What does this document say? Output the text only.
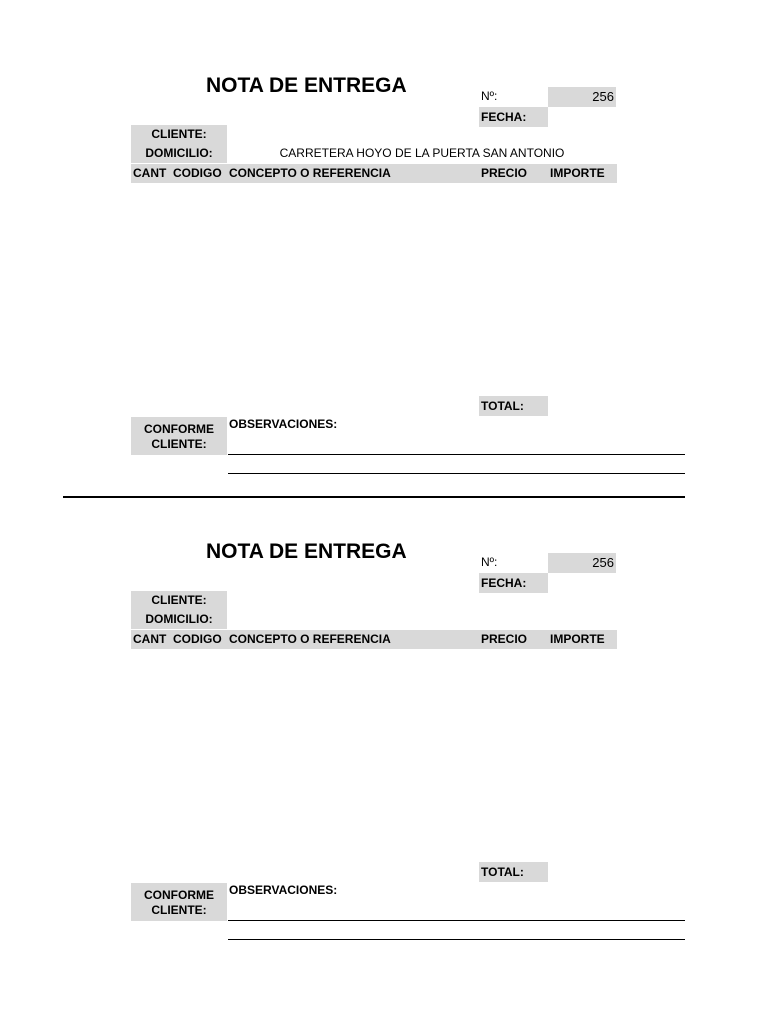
NOTA DE ENTREGA	Nº:	256
FECHA:
CLIENTE:
DOMICILIO:	CARRETERA HOYO DE LA PUERTA SAN ANTONIO
CANT CODIGO CONCEPTO O REFERENCIA	PRECIO IMPORTE
TOTAL:
CONFORME CLIENTE:
OBSERVACIONES:
NOTA DE ENTREGA	Nº:	256
FECHA:
CLIENTE:
DOMICILIO:
CANT CODIGO CONCEPTO O REFERENCIA	PRECIO IMPORTE
TOTAL:
CONFORME CLIENTE:
OBSERVACIONES:
